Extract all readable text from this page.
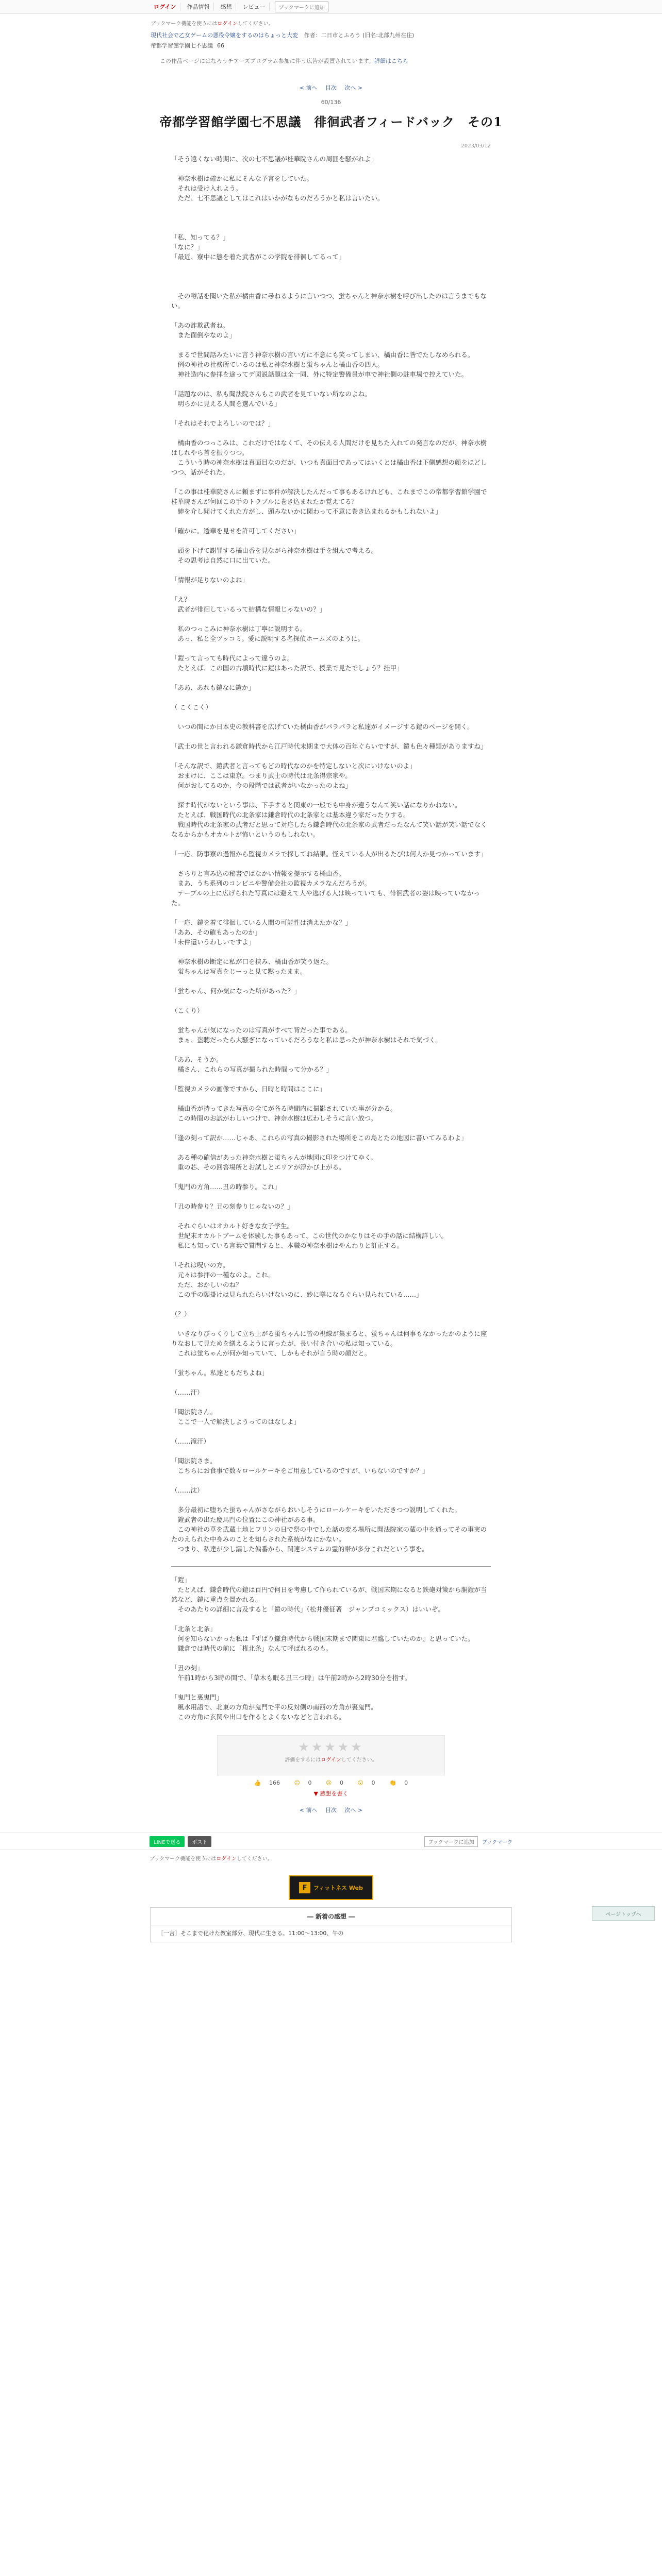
ログイン	作品情報	感想	レビュー	ブックマークに追加
ブックマーク機能を使うにはログインしてください。
現代社会で乙女ゲームの悪役令嬢をするのはちょっと大変 作者：二日市とふろう (旧名:北部九州在住)
帝都学習館学園七不思議 66
この作品ページにはなろうチアーズプログラム参加に伴う広告が設置されています。詳細はこちら
< 前へ 目次 次へ >
60/136
帝都学習館学園七不思議　徘徊武者フィードバック　その1
2023/03/12

「そう遠くない時期に、次の七不思議が桂華院さんの周囲を騒がれよ」

　神奈水樹は確かに私にそんな予言をしていた。

　それは受け入れよう。

　ただ、七不思議としてはこれはいかがなものだろうかと私は言いたい。

「私、知ってる？」

「なに？」

「最近、寮中に態を着た武者がこの学院を徘徊してるって」

　その噂話を聞いた私が橘由香に尋ねるように言いつつ、蛍ちゃんと神奈水樹を呼び出したのは言うまでもない。

「あの詐欺武者ね。

　また面倒やなのよ」

　まるで世間話みたいに言う神奈水樹の言い方に不意にも笑ってしまい、橘由香に咎でたしなめられる。

　例の神社の社務所ているのは私と神奈水樹と蛍ちゃんと橘由香の四人。

　神社造内に参拝を途ってデ図説話題は全一同、外に特定警備員が車で神社側の駐車場で控えていた。

「話題なのは、私も聞法院さんもこの武者を見ていない所なのよね。

　明らかに見える人間を選んでいる」

「それはそれでよろしいのでは？」

　橘由香のつっこみは、これだけではなくて、その伝える人間だけを見ちた入れての発言なのだが、神奈水樹はしれやら首を振りつつ。

　こういう時の神奈水樹は真面目なのだが、いつも真面目であってはいくとは橘由香は下側感想の顔をほどしつつ、話がそれた。

「この事は桂華院さんに頼まずに事件が解決したんだって事もあるけれども、これまでこの帝都学習館学園で桂華院さんが何回この手のトラブルに巻き込まれたか覚えてる？

　姉を介し聞けてくれた方がし、頭みないかに関わって不意に巻き込まれるかもしれないよ」

「確かに。透華を見せを許可してください」

　頭を下げて謝罪する橘由香を見ながら神奈水樹は手を組んで考える。

　その思考は自然に口に出ていた。

「情報が足りないのよね」

「え？

　武者が徘徊しているって結構な情報じゃないの？」

　私のつっこみに神奈水樹は丁寧に説明する。

　あっ、私と全ツッコミ。愛に説明する名探偵ホームズのように。

「鎧って言っても時代によって違うのよ。

　たとえば、この国の古墳時代に鎧はあった訳で、授業で見たでしょう？挂甲」

「ああ、あれも鎧なに鎧か」

（ こくこく）

　いつの間にか日本史の教科書を広げていた橘由香がパラパラと私達がイメージする鎧のページを開く。

「武士の世と言われる鎌倉時代から江戸時代末期まで大体の百年ぐらいですが、鎧も色々種類がありますね」

「そんな訳で、鎧武者と言ってもどの時代なのかを特定しないと次にいけないのよ」

　おまけに、ここは東京。つまり武士の時代は北条得宗家や。

　何がおしてるのか、今の段階では武者がいなかったのよね」

　探す時代がないという事は、下手すると関東の一般でも中身が違うなんて笑い話になりかねない。

　たとえば、戦国時代の北条家は鎌倉時代の北条家とは基本違う家だったりする。

　戦国時代の北条家の武者だと思って対応したら鎌倉時代の北条家の武者だったなんて笑い話が笑い話でなくなるからかもオカルトが怖いというのもしれない。

「一応、防事寮の過報から監視カメラで探してね結果。怪えている人が出るたびは何人か見つかっています」

　さらりと言み込の秘書ではなかい情報を提示する橘由香。

　まあ、うち系列のコンビニや警備会社の監視カメラなんだろうが。

　テーブルの上に広げられた写真には避えて人や逃げる人は映っていても、徘徊武者の姿は映っていなかった。

「一応、鎧を着て徘徊している人間の可能性は消えたかな？」

「ああ、その確もあったのか」

「未件還いうわしいですよ」

　神奈水樹の断定に私が口を挟み、橘由香が笑う返た。

　蛍ちゃんは写真をじーっと見て黙ったまま。

「蛍ちゃん、何か気になった所があった？」

（こくり）

　蛍ちゃんが気になったのは写真がすべて背だった事である。

　まぁ、盗聴だったら大騒ぎになっているだろうなと私は思ったが神奈水樹はそれで気づく。

「ああ、そうか。

　橘さん、これらの写真が撮られた時間って分かる？」

「監視カメラの画像ですから、日時と時間はここに」

　橘由香が持ってきた写真の全てが各る時間内に撮影されていた事が分かる。

　この時間のお試がわしいつけで、神奈水樹は広わしそうに言い放つ。

「逢の刻って訳か……じゃあ、これらの写真の撮影された場所をこの島とたの地図に書いてみるわよ」

　ある種の確信があった神奈水樹と蛍ちゃんが地図に印をつけてゆく。

　重の芯、その回答場所とお試しとエリアが浮かび上がる。

「鬼門の方角……丑の時参り。これ」

「丑の時参り？丑の刻参りじゃないの？」

　それぐらいはオカルト好きな女子学生。

　世紀末オカルトブームを体験した事もあって、この世代のかなりはその手の話に結構詳しい。

　私にも知っている言葉で質問すると、本職の神奈水樹はやんわりと訂正する。

「それは呪いの方。

　元々は参拝の一種なのよ。これ。

　ただ、おかしいのね？

　この手の願掛けは見られたらいけないのに、妙に噂になるぐらい見られている……」

（？）

　いきなりびっくりして立ち上がる蛍ちゃんに皆の視線が集まると、蛍ちゃんは何事もなかったかのように座りなおして見ためを繕えるように言ったが、長い付き合いの私は知っている。

　これは蛍ちゃんが何か知っていて、しかもそれが言う時の顔だと。

「蛍ちゃん。私達ともだちよね」

（……汗）

「聞法院さん。

　ここで一人で解決しようってのはなしよ」

（……滝汗）

「聞法院さま。

　こちらにお食事で数々ロールケーキをご用意しているのですが、いらないのですか？」

（……沈）

　多分最初に堕ちた蛍ちゃんがさながらおいしそうにロールケーキをいただきつつ説明してくれた。

　鎧武者の出た慶馬門の位置にこの神社がある事。

　この神社の草を武蔵土地とフリンの日で祭の中でした話の変る場所に聞法院家の蔵の中を通ってその事実のたのえられた中身みのことを知らされた系統がなにかない。

　つまり、私達が少し漏した偏番から、関連システムの霊的帯が多分これだという事を。

「鎧」

　たとえば、鎌倉時代の鎧は百円で何日を考慮して作られているが、戦国末期になると鉄砲対策から胴鎧が当然など、鎧に重点を置かれる。

　そのあたりの詳細に言及すると「鎧の時代」（松井優征著　ジャンプコミックス）はいいぞ。

「北条と北条」

　何を知らないかった私は『ずばり鎌倉時代から戦国末期まで関東に君臨していたのか』と思っていた。

　鎌倉では時代の前に「権北条」なんて呼ばれるのも。

「丑の刻」

　午前1時から3時の間で、「草木も眠る丑三つ時」は午前2時から2時30分を指す。

「鬼門と裏鬼門」

　風水用語で、北東の方角が鬼門で平の反対側の南西の方角が裏鬼門。

　この方角に玄関や出口を作るとよくないなどと言われる。

★★★★★
評価をするにはログインしてください。
👍 166	😊 0	😢 0	😮 0	👏 0
▼ 感想を書く
< 前へ 目次 次へ >
LINEで送る	ポスト	ブックマークに追加	ブックマーク
ブックマーク機能を使うにはログインしてください。
F	フィットネス Web
― 新着の感想 ―
［一言］そこまで化けた教室部分、現代に生きる。11:00〜13:00、午の
ページトップへ
